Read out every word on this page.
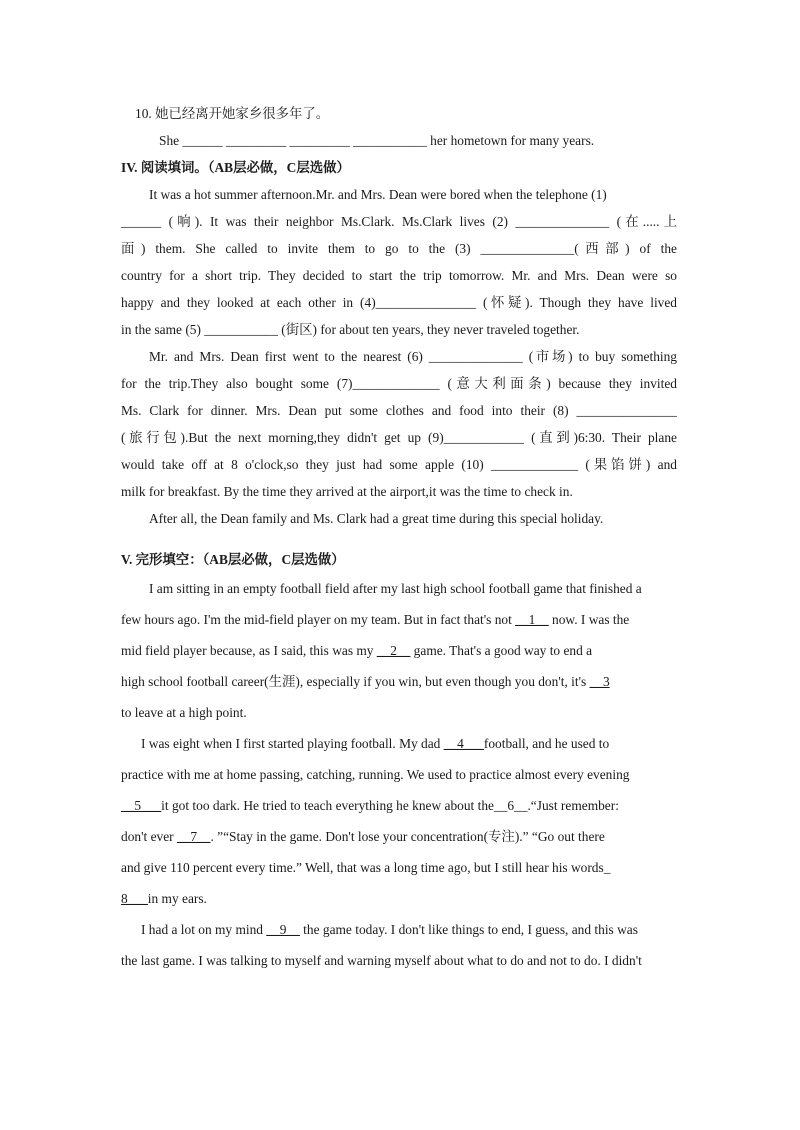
10. 她已经离开她家乡很多年了。
She ______ _________ _________ ___________ her hometown for many years.
IV. 阅读填词。（AB层必做，C层选做）
It was a hot summer afternoon.Mr. and Mrs. Dean were bored when the telephone (1)
______ (响). It was their neighbor Ms.Clark. Ms.Clark lives (2) ______________ (在.....上
面) them. She called to invite them to go to the (3) ______________(西部) of the
country for a short trip. They decided to start the trip tomorrow. Mr. and Mrs. Dean were so
happy and they looked at each other in (4)_______________ (怀疑). Though they have lived
in the same (5) ___________ (街区) for about ten years, they never traveled together.
Mr. and Mrs. Dean first went to the nearest (6) ______________ (市场) to buy something
for the trip.They also bought some (7)_____________ (意大利面条) because they invited
Ms. Clark for dinner. Mrs. Dean put some clothes and food into their (8) _______________
(旅行包).But the next morning,they didn't get up (9)____________ (直到)6:30. Their plane
would take off at 8 o'clock,so they just had some apple (10) _____________ (果馅饼) and
milk for breakfast. By the time they arrived at the airport,it was the time to check in.
After all, the Dean family and Ms. Clark had a great time during this special holiday.
V. 完形填空：（AB层必做，C层选做）
I am sitting in an empty football field after my last high school football game that finished a
few hours ago. I'm the mid-field player on my team. But in fact that's not __1__ now. I was the
mid field player because, as I said, this was my __2__ game. That's a good way to end a
high school football career(生涯), especially if you win, but even though you don't, it's __3
to leave at a high point.
I was eight when I first started playing football. My dad __4___football, and he used to
practice with me at home passing, catching, running. We used to practice almost every evening
__5___it got too dark. He tried to teach everything he knew about the__6__.“Just remember:
don't ever __7__. ”“Stay in the game. Don't lose your concentration(专注).” “Go out there
and give 110 percent every time.” Well, that was a long time ago, but I still hear his words_
8___in my ears.
I had a lot on my mind __9__ the game today. I don't like things to end, I guess, and this was
the last game. I was talking to myself and warning myself about what to do and not to do. I didn't
